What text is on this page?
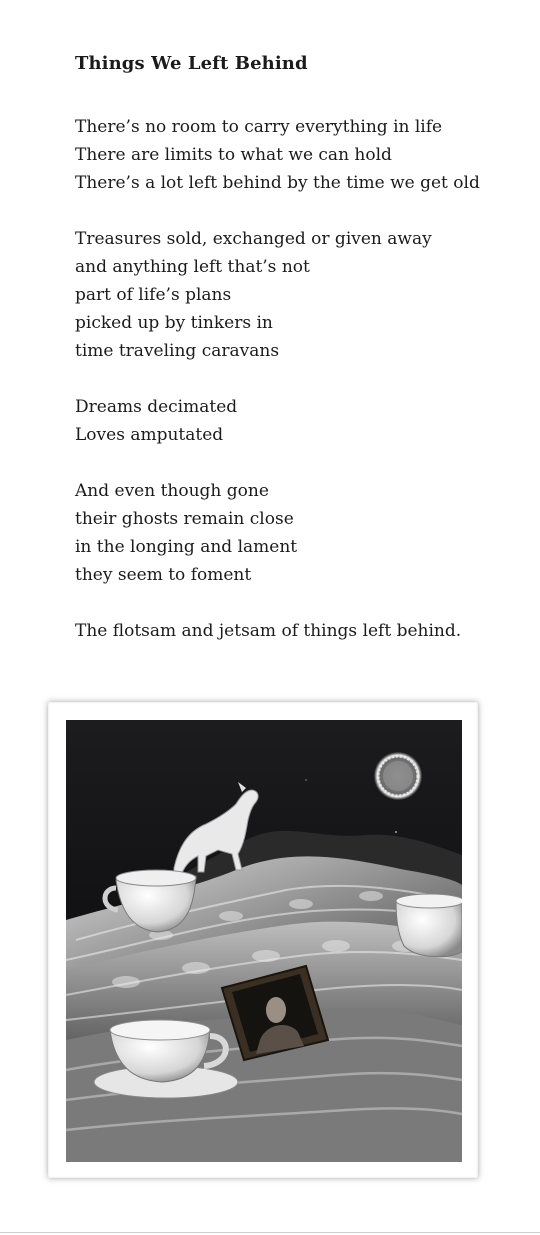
Things We Left Behind
There’s no room to carry everything in life
There are limits to what we can hold
There’s a lot left behind by the time we get old
Treasures sold, exchanged or given away
and anything left that’s not
part of life’s plans
picked up by tinkers in
time traveling caravans
Dreams decimated
Loves amputated
And even though gone
their ghosts remain close
in the longing and lament
they seem to foment
The flotsam and jetsam of things left behind.
